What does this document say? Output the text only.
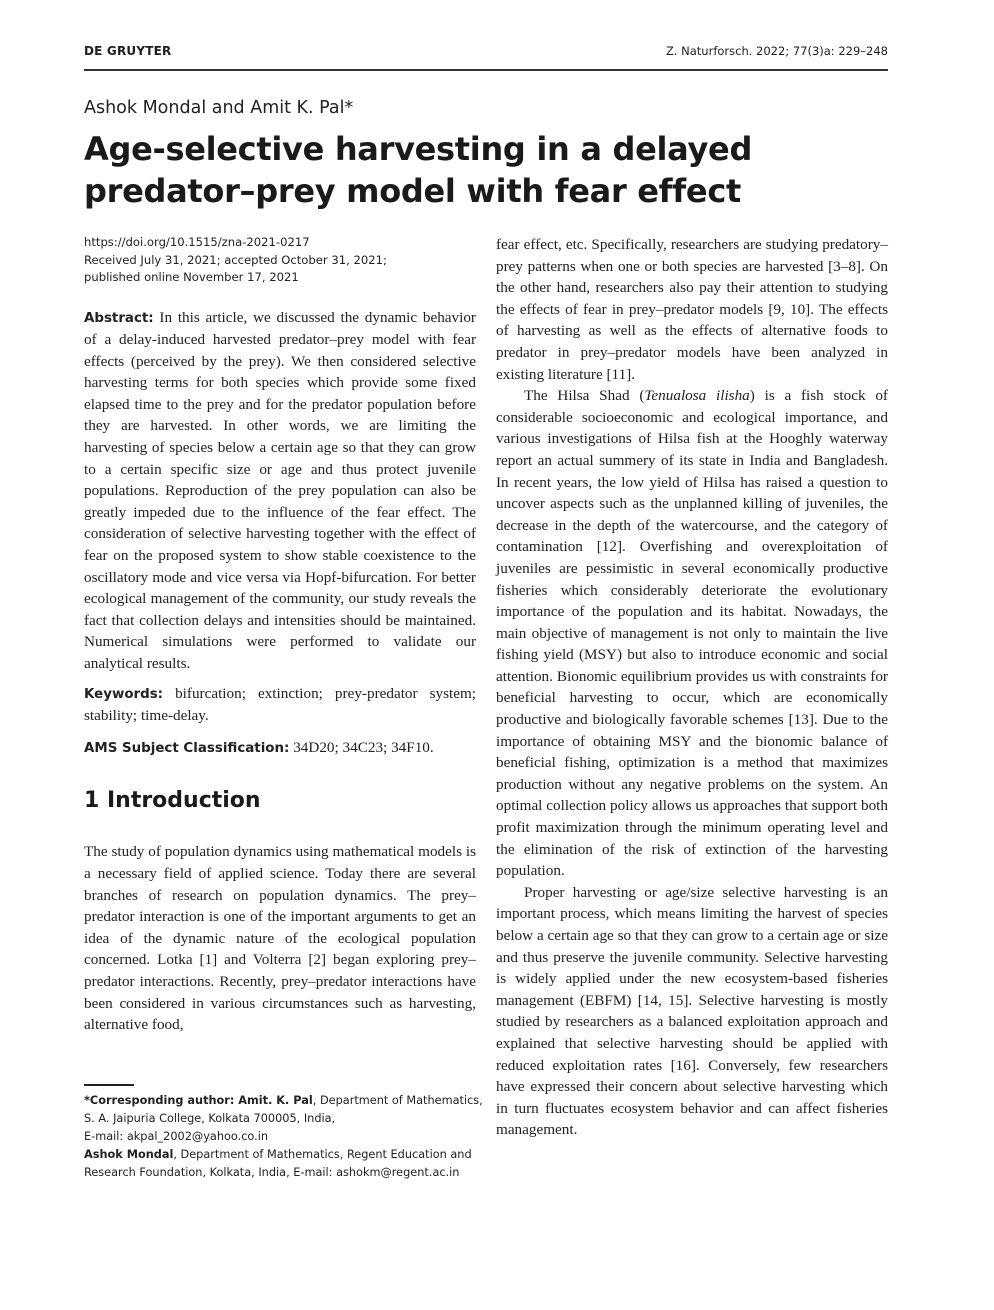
DE GRUYTER	Z. Naturforsch. 2022; 77(3)a: 229–248
Ashok Mondal and Amit K. Pal*
Age-selective harvesting in a delayed predator–prey model with fear effect
https://doi.org/10.1515/zna-2021-0217
Received July 31, 2021; accepted October 31, 2021;
published online November 17, 2021

Abstract: In this article, we discussed the dynamic behavior of a delay-induced harvested predator–prey model with fear effects (perceived by the prey). We then considered selective harvesting terms for both species which provide some fixed elapsed time to the prey and for the predator population before they are harvested. In other words, we are limiting the harvesting of species below a certain age so that they can grow to a certain specific size or age and thus protect juvenile populations. Reproduction of the prey population can also be greatly impeded due to the influence of the fear effect. The consideration of selective harvesting together with the effect of fear on the proposed system to show stable coexistence to the oscillatory mode and vice versa via Hopf-bifurcation. For better ecological management of the community, our study reveals the fact that collection delays and intensities should be maintained. Numerical simulations were performed to validate our analytical results.

Keywords: bifurcation; extinction; prey-predator system; stability; time-delay.

AMS Subject Classification: 34D20; 34C23; 34F10.

1 Introduction

The study of population dynamics using mathematical models is a necessary field of applied science. Today there are several branches of research on population dynamics. The prey–predator interaction is one of the important arguments to get an idea of the dynamic nature of the ecological population concerned. Lotka [1] and Volterra [2] began exploring prey–predator interactions. Recently, prey–predator interactions have been considered in various circumstances such as harvesting, alternative food,

fear effect, etc. Specifically, researchers are studying predatory–prey patterns when one or both species are harvested [3–8]. On the other hand, researchers also pay their attention to studying the effects of fear in prey–predator models [9, 10]. The effects of harvesting as well as the effects of alternative foods to predator in prey–predator models have been analyzed in existing literature [11].

The Hilsa Shad (Tenualosa ilisha) is a fish stock of considerable socioeconomic and ecological importance, and various investigations of Hilsa fish at the Hooghly waterway report an actual summery of its state in India and Bangladesh. In recent years, the low yield of Hilsa has raised a question to uncover aspects such as the unplanned killing of juveniles, the decrease in the depth of the watercourse, and the category of contamination [12]. Overfishing and overexploitation of juveniles are pessimistic in several economically productive fisheries which considerably deteriorate the evolutionary importance of the population and its habitat. Nowadays, the main objective of management is not only to maintain the live fishing yield (MSY) but also to introduce economic and social attention. Bionomic equilibrium provides us with constraints for beneficial harvesting to occur, which are economically productive and biologically favorable schemes [13]. Due to the importance of obtaining MSY and the bionomic balance of beneficial fishing, optimization is a method that maximizes production without any negative problems on the system. An optimal collection policy allows us approaches that support both profit maximization through the minimum operating level and the elimination of the risk of extinction of the harvesting population.

Proper harvesting or age/size selective harvesting is an important process, which means limiting the harvest of species below a certain age so that they can grow to a certain age or size and thus preserve the juvenile community. Selective harvesting is widely applied under the new ecosystem-based fisheries management (EBFM) [14, 15]. Selective harvesting is mostly studied by researchers as a balanced exploitation approach and explained that selective harvesting should be applied with reduced exploitation rates [16]. Conversely, few researchers have expressed their concern about selective harvesting which in turn fluctuates ecosystem behavior and can affect fisheries management.

*Corresponding author: Amit. K. Pal, Department of Mathematics, S. A. Jaipuria College, Kolkata 700005, India,
E-mail: akpal_2002@yahoo.co.in
Ashok Mondal, Department of Mathematics, Regent Education and Research Foundation, Kolkata, India, E-mail: ashokm@regent.ac.in
